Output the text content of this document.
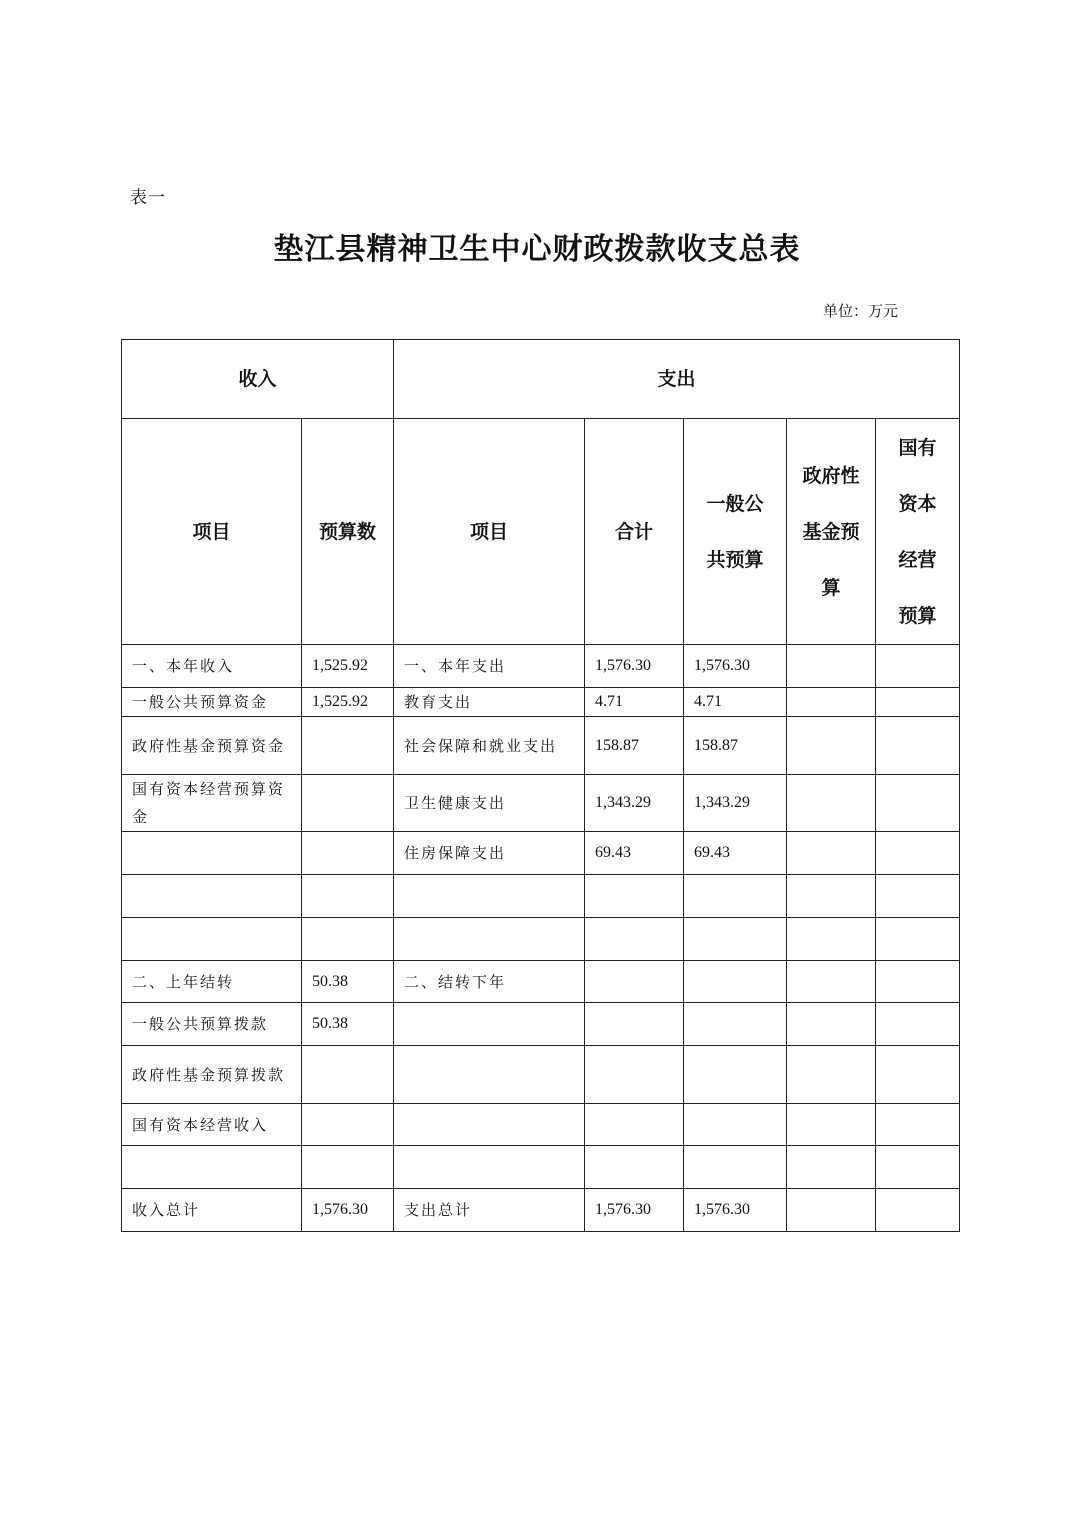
表一
垫江县精神卫生中心财政拨款收支总表
单位：万元
收入		支出				
项目	预算数	项目	合计	一般公共预算	政府性基金预算	国有资本经营预算
一、本年收入	1,525.92	一、本年支出	1,576.30	1,576.30		
一般公共预算资金	1,525.92	教育支出	4.71	4.71		
政府性基金预算资金		社会保障和就业支出	158.87	158.87		
国有资本经营预算资金		卫生健康支出	1,343.29	1,343.29		
		住房保障支出	69.43	69.43		

二、上年结转	50.38	二、结转下年				
一般公共预算拨款	50.38					
政府性基金预算拨款						
国有资本经营收入						

收入总计	1,576.30	支出总计	1,576.30	1,576.30		
